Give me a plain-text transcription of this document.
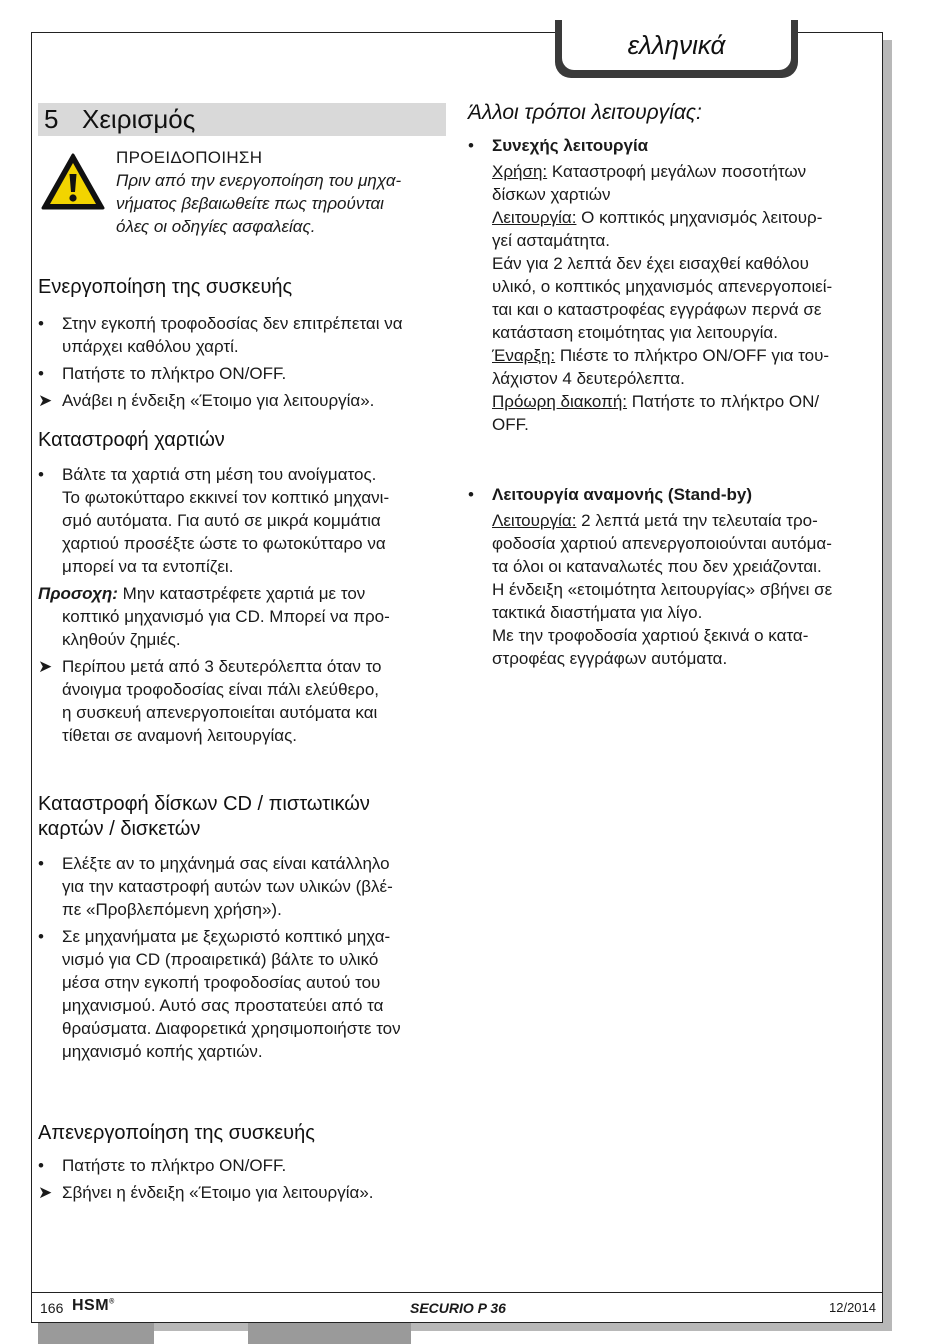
ελληνικά
5 Χειρισμός
ΠΡΟΕΙΔΟΠΟΙΗΣΗ
Πριν από την ενεργοποίηση του μηχα-
νήματος βεβαιωθείτε πως τηρούνται
όλες οι οδηγίες ασφαλείας.
Ενεργοποίηση της συσκευής
•	Στην εγκοπή τροφοδοσίας δεν επιτρέπεται να
υπάρχει καθόλου χαρτί.
•	Πατήστε το πλήκτρο ON/OFF.
➤ Ανάβει η ένδειξη «Έτοιμο για λειτουργία».
Καταστροφή χαρτιών
•	Βάλτε τα χαρτιά στη μέση του ανοίγματος.
Το φωτοκύτταρο εκκινεί τον κοπτικό μηχανι-
σμό αυτόματα. Για αυτό σε μικρά κομμάτια
χαρτιού προσέξτε ώστε το φωτοκύτταρο να
μπορεί να τα εντοπίζει.
Προσοχη: Μην καταστρέφετε χαρτιά με τον
κοπτικό μηχανισμό για CD. Μπορεί να προ-
κληθούν ζημιές.
➤ Περίπου μετά από 3 δευτερόλεπτα όταν το
άνοιγμα τροφοδοσίας είναι πάλι ελεύθερο,
η συσκευή απενεργοποιείται αυτόματα και
τίθεται σε αναμονή λειτουργίας.
Καταστροφή δίσκων CD / πιστωτικών
καρτών / δισκετών
•	Ελέξτε αν το μηχάνημά σας είναι κατάλληλο
για την καταστροφή αυτών των υλικών (βλέ-
πε «Προβλεπόμενη χρήση»).
•	Σε μηχανήματα με ξεχωριστό κοπτικό μηχα-
νισμό για CD (προαιρετικά) βάλτε το υλικό
μέσα στην εγκοπή τροφοδοσίας αυτού του
μηχανισμού. Αυτό σας προστατεύει από τα
θραύσματα. Διαφορετικά χρησιμοποιήστε τον
μηχανισμό κοπής χαρτιών.
Απενεργοποίηση της συσκευής
•	Πατήστε το πλήκτρο ON/OFF.
➤ Σβήνει η ένδειξη «Έτοιμο για λειτουργία».
Άλλοι τρόποι λειτουργίας:
•	Συνεχής λειτουργία
Χρήση: Καταστροφή μεγάλων ποσοτήτων
δίσκων χαρτιών
Λειτουργία: Ο κοπτικός μηχανισμός λειτουρ-
γεί ασταμάτητα.
Εάν για 2 λεπτά δεν έχει εισαχθεί καθόλου
υλικό, ο κοπτικός μηχανισμός απενεργοποιεί-
ται και ο καταστροφέας εγγράφων περνά σε
κατάσταση ετοιμότητας για λειτουργία.
Έναρξη: Πιέστε το πλήκτρο ON/OFF για του-
λάχιστον 4 δευτερόλεπτα.
Πρόωρη διακοπή: Πατήστε το πλήκτρο ON/
OFF.
•	Λειτουργία αναμονής (Stand-by)
Λειτουργία: 2 λεπτά μετά την τελευταία τρο-
φοδοσία χαρτιού απενεργοποιούνται αυτόμα-
τα όλοι οι καταναλωτές που δεν χρειάζονται.
Η ένδειξη «ετοιμότητα λειτουργίας» σβήνει σε
τακτικά διαστήματα για λίγο.
Με την τροφοδοσία χαρτιού ξεκινά ο κατα-
στροφέας εγγράφων αυτόματα.
166 HSM®	SECURIO P 36	12/2014
